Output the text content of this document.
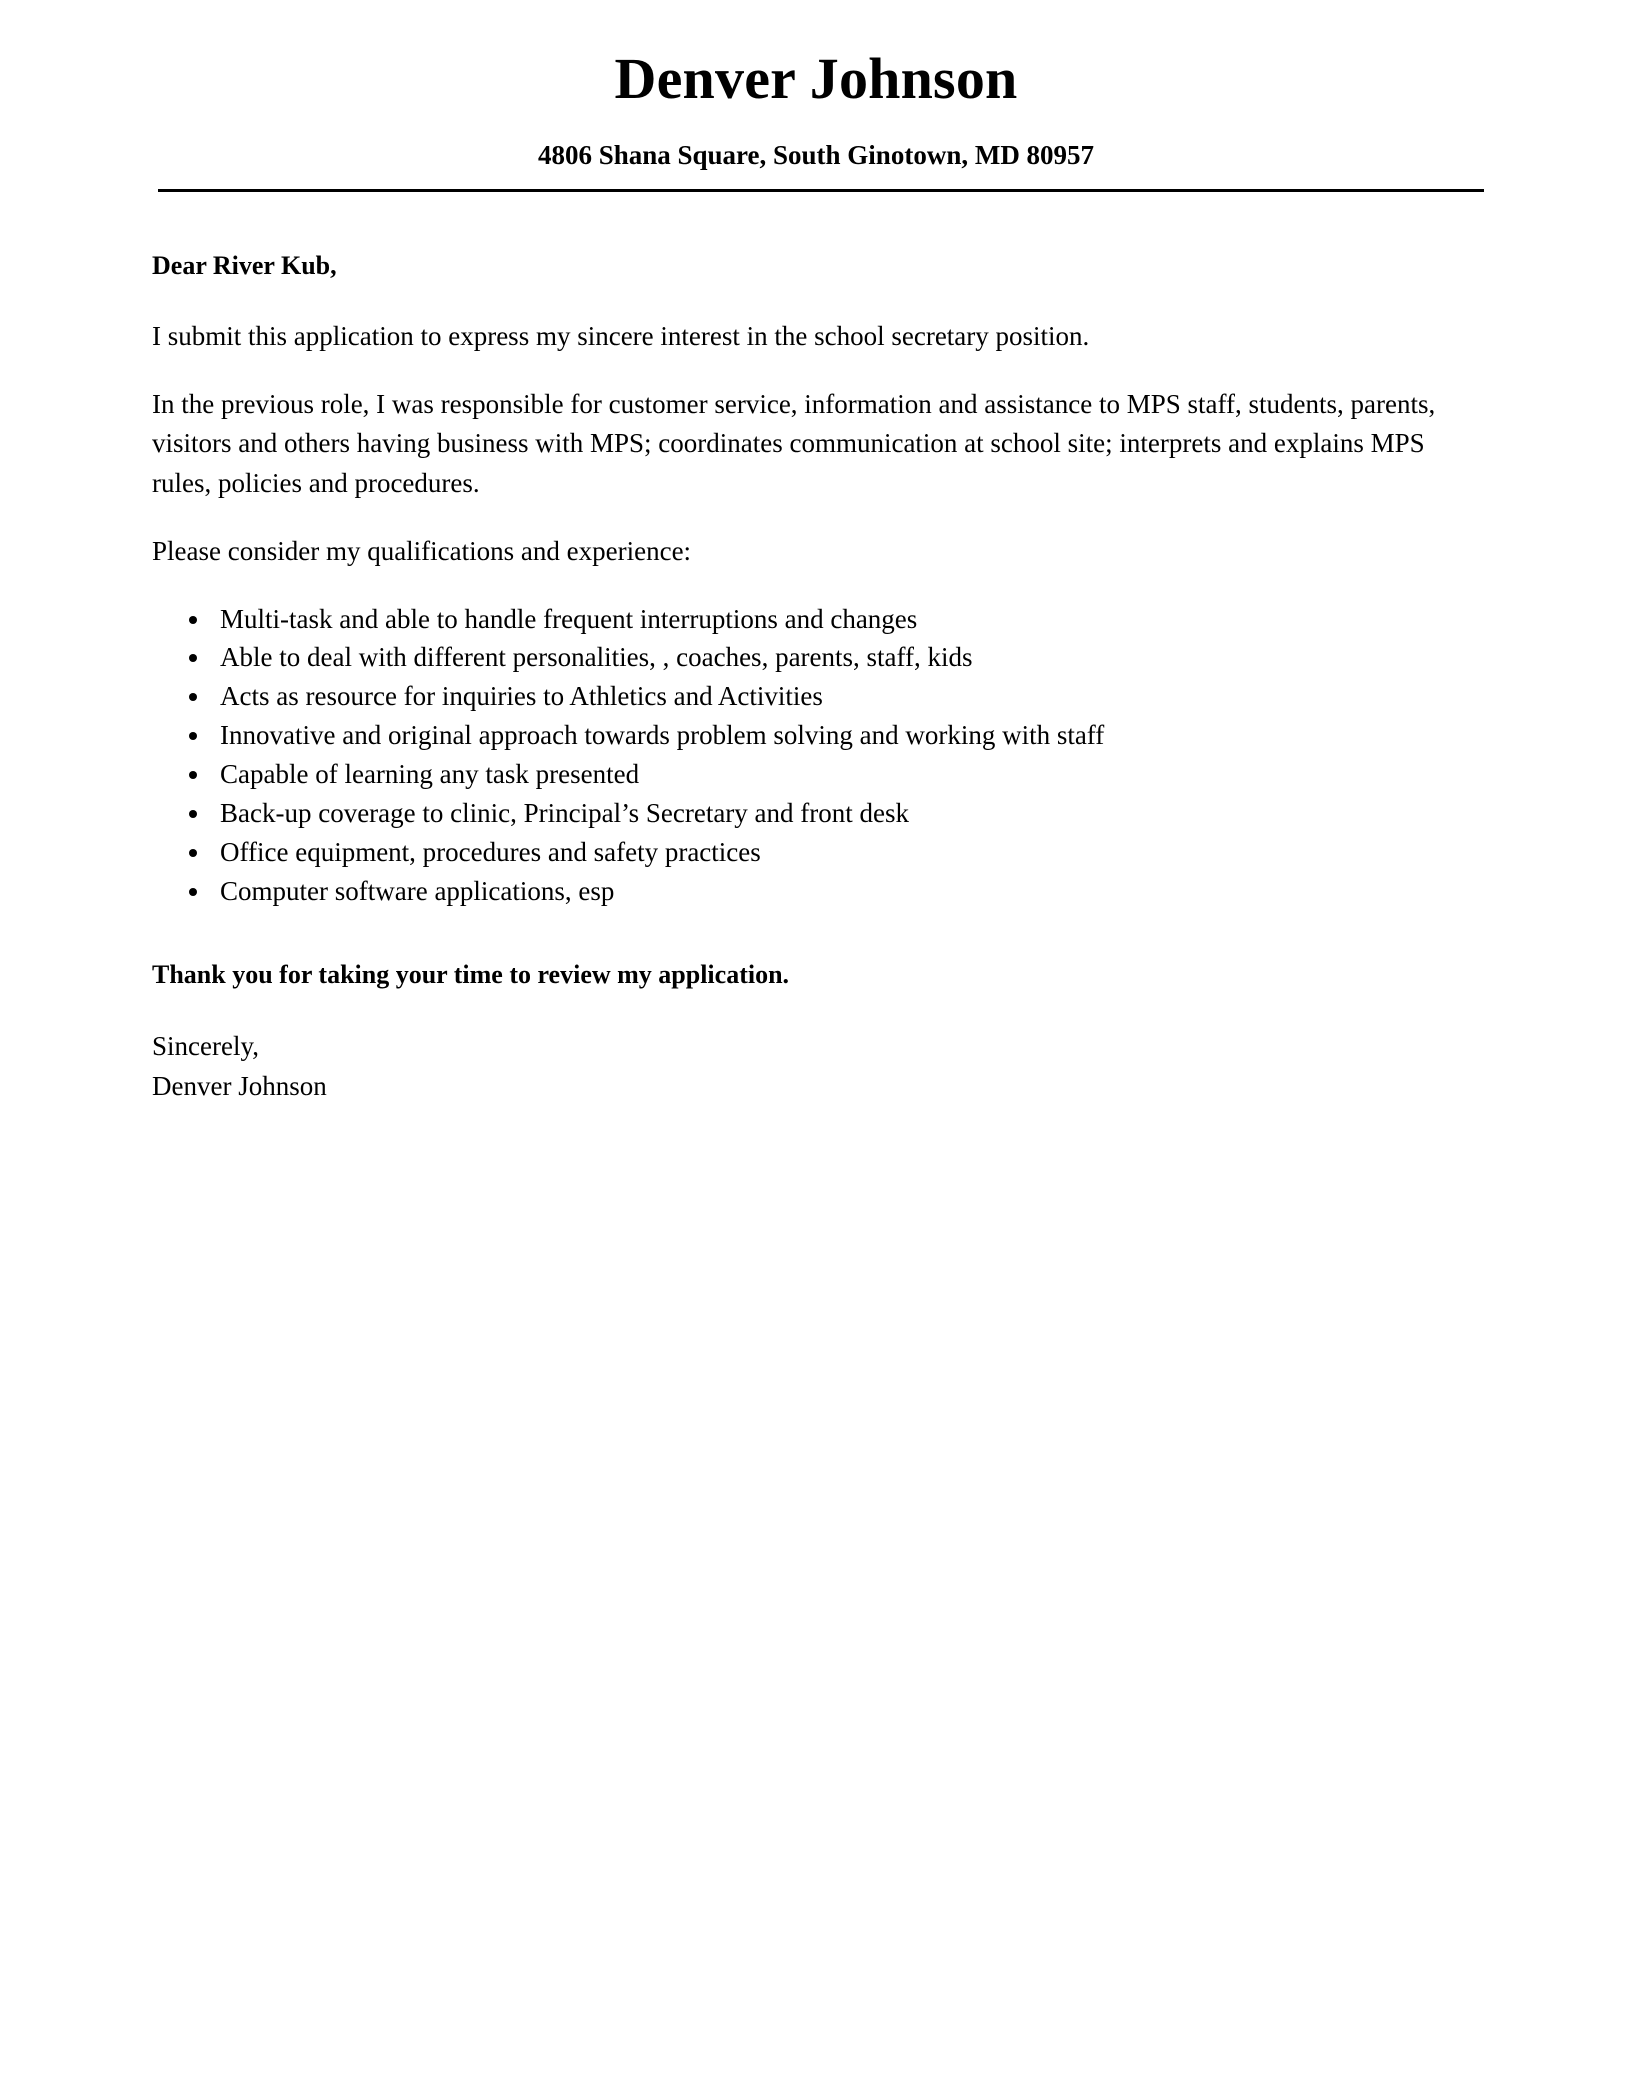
Denver Johnson
4806 Shana Square, South Ginotown, MD 80957
Dear River Kub,

I submit this application to express my sincere interest in the school secretary position.

In the previous role, I was responsible for customer service, information and assistance to MPS staff, students, parents, visitors and others having business with MPS; coordinates communication at school site; interprets and explains MPS rules, policies and procedures.

Please consider my qualifications and experience:

• Multi-task and able to handle frequent interruptions and changes
• Able to deal with different personalities, , coaches, parents, staff, kids
• Acts as resource for inquiries to Athletics and Activities
• Innovative and original approach towards problem solving and working with staff
• Capable of learning any task presented
• Back-up coverage to clinic, Principal’s Secretary and front desk
• Office equipment, procedures and safety practices
• Computer software applications, esp
Thank you for taking your time to review my application.
Sincerely,
Denver Johnson
